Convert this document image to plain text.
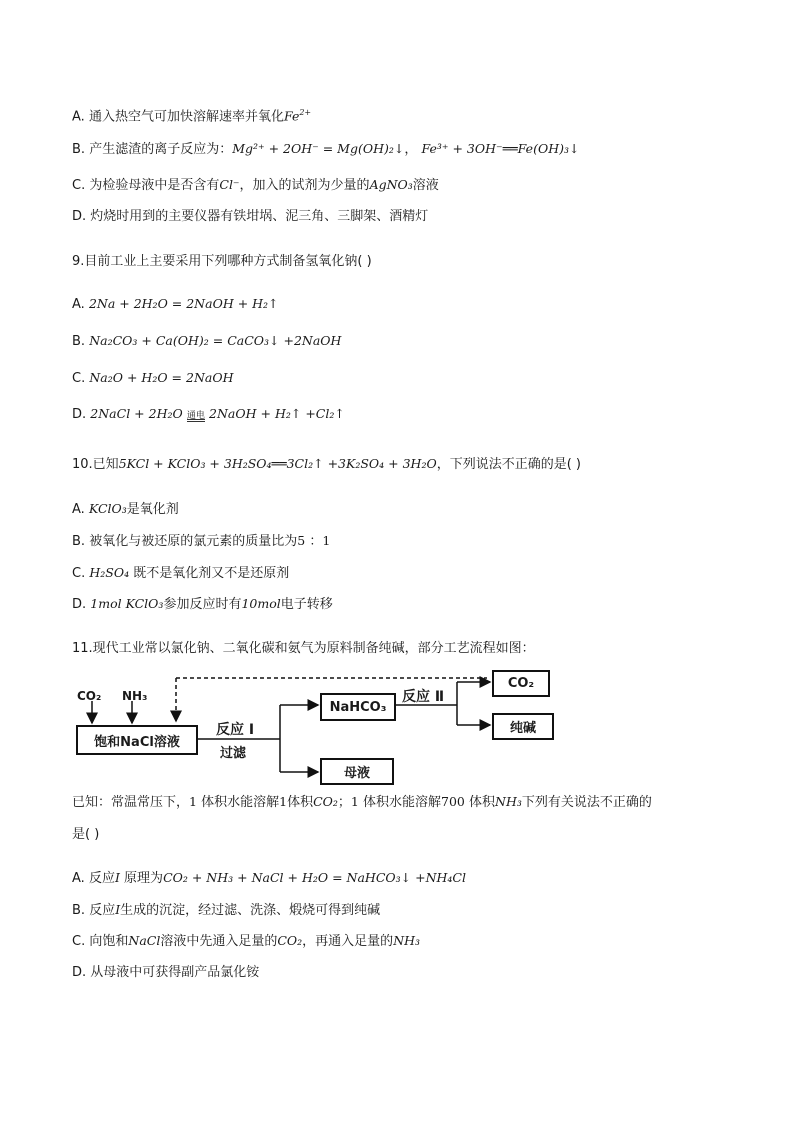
A. 通入热空气可加快溶解速率并氧化$Fe^{2+}$
B. 产生滤渣的离子反应为：Mg²⁺ + 2OH⁻ = Mg(OH)₂↓， Fe³⁺ + 3OH⁻══Fe(OH)₃↓
C. 为检验母液中是否含有Cl⁻，加入的试剂为少量的AgNO₃溶液
D. 灼烧时用到的主要仪器有铁坩埚、泥三角、三脚架、酒精灯
9.目前工业上主要采用下列哪种方式制备氢氧化钠( )
A. 2Na + 2H₂O = 2NaOH + H₂↑
B. Na₂CO₃ + Ca(OH)₂ = CaCO₃↓ +2NaOH
C. Na₂O + H₂O = 2NaOH
D. 2NaCl + 2H₂O 通电 2NaOH + H₂↑ +Cl₂↑
10.已知5KCl + KClO₃ + 3H₂SO₄══3Cl₂↑ +3K₂SO₄ + 3H₂O，下列说法不正确的是( )
A. KClO₃是氧化剂
B. 被氧化与被还原的氯元素的质量比为5 ：1
C. H₂SO₄ 既不是氧化剂又不是还原剂
D. 1mol KClO₃参加反应时有10mol电子转移
11.现代工业常以氯化钠、二氧化碳和氨气为原料制备纯碱，部分工艺流程如图：
CO₂ NH₃
饱和NaCl溶液
反应 Ⅰ
过滤
NaHCO₃
反应 Ⅱ
CO₂
纯碱
母液
已知：常温常压下，1 体积水能溶解1体积CO₂；1 体积水能溶解700 体积NH₃下列有关说法不正确的
是( )
A. 反应I 原理为CO₂ + NH₃ + NaCl + H₂O = NaHCO₃↓ +NH₄Cl
B. 反应I生成的沉淀，经过滤、洗涤、煅烧可得到纯碱
C. 向饱和NaCl溶液中先通入足量的CO₂，再通入足量的NH₃
D. 从母液中可获得副产品氯化铵
